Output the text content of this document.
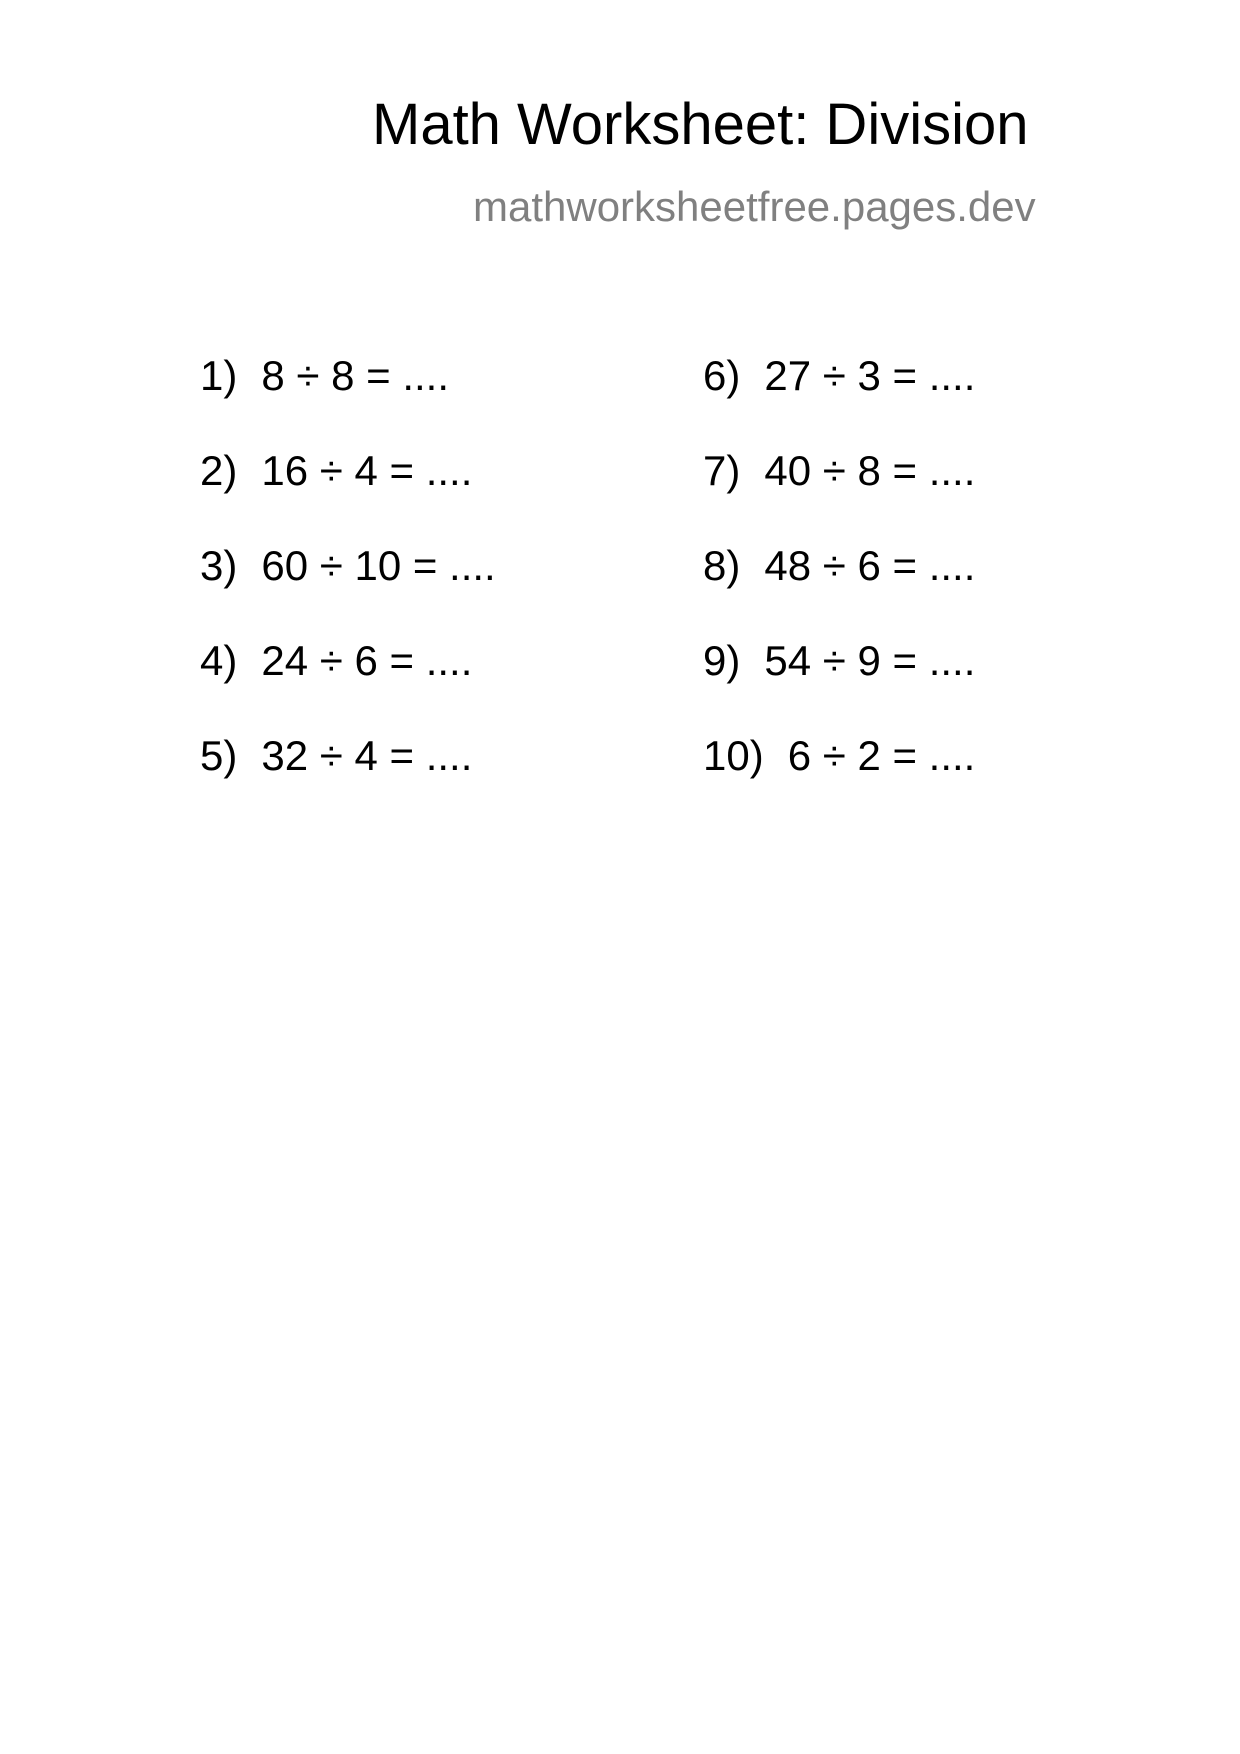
Math Worksheet: Division
mathworksheetfree.pages.dev
1) 8 ÷ 8 = ....
2) 16 ÷ 4 = ....
3) 60 ÷ 10 = ....
4) 24 ÷ 6 = ....
5) 32 ÷ 4 = ....
6) 27 ÷ 3 = ....
7) 40 ÷ 8 = ....
8) 48 ÷ 6 = ....
9) 54 ÷ 9 = ....
10) 6 ÷ 2 = ....
